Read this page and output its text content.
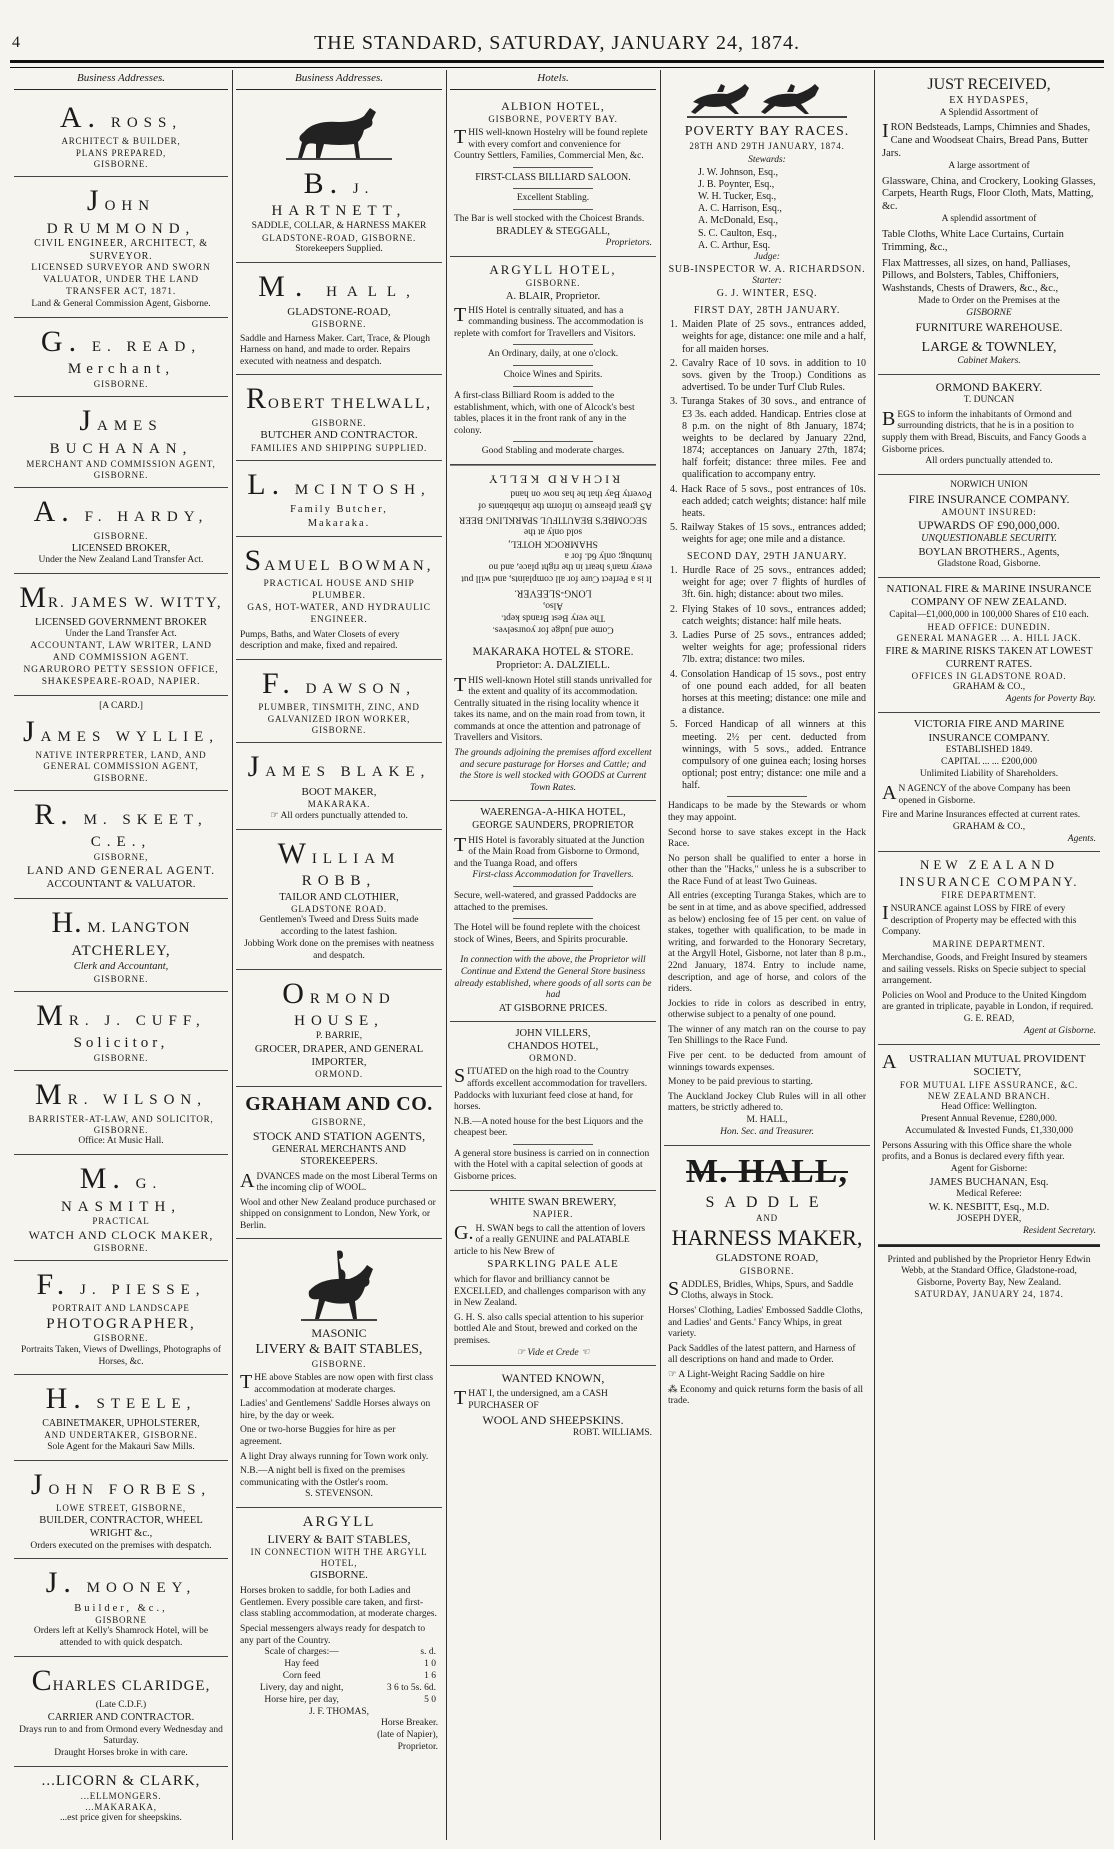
4	THE STANDARD, SATURDAY, JANUARY 24, 1874.
Business Addresses.
A. ROSS,
ARCHITECT & BUILDER,
PLANS PREPARED,
GISBORNE.
JOHN DRUMMOND,
CIVIL ENGINEER, ARCHITECT, &
SURVEYOR.
LICENSED SURVEYOR AND SWORN VALUATOR, UNDER THE LAND TRANSFER ACT, 1871.
Land & General Commission Agent, Gisborne.
G. E. READ,
Merchant,
GISBORNE.
JAMES BUCHANAN,
MERCHANT AND COMMISSION AGENT,
GISBORNE.
A. F. HARDY,
GISBORNE.
LICENSED BROKER,
Under the New Zealand Land Transfer Act.
MR. JAMES W. WITTY,
LICENSED GOVERNMENT BROKER
Under the Land Transfer Act.
ACCOUNTANT, LAW WRITER, LAND AND COMMISSION AGENT.
NGARURORO PETTY SESSION OFFICE,
SHAKESPEARE-ROAD, NAPIER.
[A CARD.]
JAMES WYLLIE,
NATIVE INTERPRETER, LAND, AND GENERAL COMMISSION AGENT,
GISBORNE.
R. M. SKEET, C.E.,
GISBORNE,
LAND AND GENERAL AGENT.
ACCOUNTANT & VALUATOR.
H. M. LANGTON ATCHERLEY,
Clerk and Accountant,
GISBORNE.
MR. J. CUFF,
Solicitor,
GISBORNE.
MR. WILSON,
BARRISTER-AT-LAW, AND SOLICITOR,
GISBORNE.
Office: At Music Hall.
M. G. NASMITH,
PRACTICAL
WATCH AND CLOCK MAKER,
GISBORNE.
F. J. PIESSE,
PORTRAIT AND LANDSCAPE
PHOTOGRAPHER,
GISBORNE.
Portraits Taken, Views of Dwellings, Photographs of Horses, &c.
H. STEELE,
CABINETMAKER, UPHOLSTERER,
AND UNDERTAKER, GISBORNE.
Sole Agent for the Makauri Saw Mills.
JOHN FORBES,
LOWE STREET, GISBORNE,
BUILDER, CONTRACTOR, WHEEL WRIGHT &c.,
Orders executed on the premises with despatch.
J. MOONEY,
Builder, &c.,
GISBORNE
Orders left at Kelly's Shamrock Hotel, will be attended to with quick despatch.
CHARLES CLARIDGE,
(Late C.D.F.)
CARRIER AND CONTRACTOR.
Drays run to and from Ormond every Wednesday and Saturday.
Draught Horses broke in with care.
...LICORN & CLARK,
...ELLMONGERS.
...MAKARAKA,
...est price given for sheepskins.
Business Addresses.
B. J. HARTNETT,
SADDLE, COLLAR, & HARNESS MAKER
GLADSTONE-ROAD, GISBORNE.
Storekeepers Supplied.
M. HALL,
GLADSTONE-ROAD,
GISBORNE.
Saddle and Harness Maker. Cart, Trace, & Plough Harness on hand, and made to order. Repairs executed with neatness and despatch.
ROBERT THELWALL,
GISBORNE.
BUTCHER AND CONTRACTOR.
FAMILIES AND SHIPPING SUPPLIED.
L. MCINTOSH,
Family Butcher,
Makaraka.
SAMUEL BOWMAN,
PRACTICAL HOUSE AND SHIP PLUMBER.
GAS, HOT-WATER, AND HYDRAULIC ENGINEER.
Pumps, Baths, and Water Closets of every description and make, fixed and repaired.
F. DAWSON,
PLUMBER, TINSMITH, ZINC, AND GALVANIZED IRON WORKER,
GISBORNE.
JAMES BLAKE,
BOOT MAKER,
MAKARAKA.
☞ All orders punctually attended to.
WILLIAM ROBB,
TAILOR AND CLOTHIER,
GLADSTONE ROAD.
Gentlemen's Tweed and Dress Suits made according to the latest fashion.
Jobbing Work done on the premises with neatness and despatch.
ORMOND HOUSE,
P. BARRIE,
GROCER, DRAPER, AND GENERAL IMPORTER,
ORMOND.
GRAHAM AND CO.
GISBORNE,
STOCK AND STATION AGENTS,
GENERAL MERCHANTS AND STOREKEEPERS.
ADVANCES made on the most Liberal Terms on the incoming clip of WOOL.
Wool and other New Zealand produce purchased or shipped on consignment to London, New York, or Berlin.
MASONIC
LIVERY & BAIT STABLES,
GISBORNE.
THE above Stables are now open with first class accommodation at moderate charges.
Ladies' and Gentlemens' Saddle Horses always on hire, by the day or week.
One or two-horse Buggies for hire as per agreement.
A light Dray always running for Town work only.
N.B.—A night bell is fixed on the premises communicating with the Ostler's room.
S. STEVENSON.
ARGYLL
LIVERY & BAIT STABLES,
IN CONNECTION WITH THE ARGYLL HOTEL,
GISBORNE.
Horses broken to saddle, for both Ladies and Gentlemen. Every possible care taken, and first-class stabling accommodation, at moderate charges.
Special messengers always ready for despatch to any part of the Country.
Scale of charges:—	s. d.
Hay feed	1 0
Corn feed	1 6
Livery, day and night,	3 6 to 5s. 6d.
Horse hire, per day,	5 0
J. F. THOMAS,
Horse Breaker.
(late of Napier),
Proprietor.
Hotels.
ALBION HOTEL,
GISBORNE, POVERTY BAY.
THIS well-known Hostelry will be found replete with every comfort and convenience for Country Settlers, Families, Commercial Men, &c.
FIRST-CLASS BILLIARD SALOON.
Excellent Stabling.
The Bar is well stocked with the Choicest Brands.
BRADLEY & STEGGALL,
Proprietors.
ARGYLL HOTEL,
GISBORNE.
A. BLAIR, Proprietor.
THIS Hotel is centrally situated, and has a commanding business. The accommodation is replete with comfort for Travellers and Visitors.
An Ordinary, daily, at one o'clock.
Choice Wines and Spirits.
A first-class Billiard Room is added to the establishment, which, with one of Alcock's best tables, places it in the front rank of any in the colony.
Good Stabling and moderate charges.
Come and judge for yourselves.
The very Best Brands kept.
Also,
LONG-SLEEVER.
It is a Perfect Cure for all complaints, and will put every man's heart in the right place, and no humbug; only 6d. for a
SHAMROCK HOTEL,
sold only at the
SECOMBE'S BEAUTIFUL SPARKLING BEER
AS great pleasure to inform the inhabitants of Poverty Bay that he has now on hand
RICHARD KELLY
MAKARAKA HOTEL & STORE.
Proprietor: A. DALZIELL.
THIS well-known Hotel still stands unrivalled for the extent and quality of its accommodation. Centrally situated in the rising locality whence it takes its name, and on the main road from town, it commands at once the attention and patronage of Travellers and Visitors.
The grounds adjoining the premises afford excellent and secure pasturage for Horses and Cattle; and the Store is well stocked with GOODS at Current Town Rates.
WAERENGA-A-HIKA HOTEL,
GEORGE SAUNDERS, PROPRIETOR
THIS Hotel is favorably situated at the Junction of the Main Road from Gisborne to Ormond, and the Tuanga Road, and offers
First-class Accommodation for Travellers.
Secure, well-watered, and grassed Paddocks are attached to the premises.
The Hotel will be found replete with the choicest stock of Wines, Beers, and Spirits procurable.
In connection with the above, the Proprietor will Continue and Extend the General Store business already established, where goods of all sorts can be had
AT GISBORNE PRICES.
JOHN VILLERS,
CHANDOS HOTEL,
ORMOND.
SITUATED on the high road to the Country affords excellent accommodation for travellers. Paddocks with luxuriant feed close at hand, for horses.
N.B.—A noted house for the best Liquors and the cheapest beer.
A general store business is carried on in connection with the Hotel with a capital selection of goods at Gisborne prices.
WHITE SWAN BREWERY,
NAPIER.
G.H. SWAN begs to call the attention of lovers of a really GENUINE and PALATABLE article to his New Brew of
SPARKLING PALE ALE
which for flavor and brilliancy cannot be EXCELLED, and challenges comparison with any in New Zealand.
G. H. S. also calls special attention to his superior bottled Ale and Stout, brewed and corked on the premises.
☞ Vide et Crede ☜
WANTED KNOWN,
THAT I, the undersigned, am a CASH PURCHASER OF
WOOL AND SHEEPSKINS.
ROBT. WILLIAMS.
POVERTY BAY RACES.
28TH AND 29TH JANUARY, 1874.
Stewards:
J. W. Johnson, Esq.,
J. B. Poynter, Esq.,
W. H. Tucker, Esq.,
A. C. Harrison, Esq.,
A. McDonald, Esq.,
S. C. Caulton, Esq.,
A. C. Arthur, Esq.
Judge:
SUB-INSPECTOR W. A. RICHARDSON.
Starter:
G. J. WINTER, ESQ.
FIRST DAY, 28TH JANUARY.
1. Maiden Plate of 25 sovs., entrances added, weights for age, distance: one mile and a half, for all maiden horses.
2. Cavalry Race of 10 sovs. in addition to 10 sovs. given by the Troop.) Conditions as advertised. To be under Turf Club Rules.
3. Turanga Stakes of 30 sovs., and entrance of £3 3s. each added. Handicap. Entries close at 8 p.m. on the night of 8th January, 1874; weights to be declared by January 22nd, 1874; acceptances on January 27th, 1874; half forfeit; distance: three miles. Fee and qualification to accompany entry.
4. Hack Race of 5 sovs., post entrances of 10s. each added; catch weights; distance: half mile heats.
5. Railway Stakes of 15 sovs., entrances added; weights for age; one mile and a distance.
SECOND DAY, 29TH JANUARY.
1. Hurdle Race of 25 sovs., entrances added; weight for age; over 7 flights of hurdles of 3ft. 6in. high; distance: about two miles.
2. Flying Stakes of 10 sovs., entrances added; catch weights; distance: half mile heats.
3. Ladies Purse of 25 sovs., entrances added; welter weights for age; professional riders 7lb. extra; distance: two miles.
4. Consolation Handicap of 15 sovs., post entry of one pound each added, for all beaten horses at this meeting; distance: one mile and a distance.
5. Forced Handicap of all winners at this meeting. 2½ per cent. deducted from winnings, with 5 sovs., added. Entrance compulsory of one guinea each; losing horses optional; post entry; distance: one mile and a half.
Handicaps to be made by the Stewards or whom they may appoint.
Second horse to save stakes except in the Hack Race.
No person shall be qualified to enter a horse in other than the "Hacks," unless he is a subscriber to the Race Fund of at least Two Guineas.
All entries (excepting Turanga Stakes, which are to be sent in at time, and as above specified, addressed as below) enclosing fee of 15 per cent. on value of stakes, together with qualification, to be made in writing, and forwarded to the Honorary Secretary, at the Argyll Hotel, Gisborne, not later than 8 p.m., 22nd January, 1874. Entry to include name, description, and age of horse, and colors of the riders.
Jockies to ride in colors as described in entry, otherwise subject to a penalty of one pound.
The winner of any match ran on the course to pay Ten Shillings to the Race Fund.
Five per cent. to be deducted from amount of winnings towards expenses.
Money to be paid previous to starting.
The Auckland Jockey Club Rules will in all other matters, be strictly adhered to.
M. HALL,
Hon. Sec. and Treasurer.
M. HALL,
SADDLE
AND
HARNESS MAKER,
GLADSTONE ROAD,
GISBORNE.
SADDLES, Bridles, Whips, Spurs, and Saddle Cloths, always in Stock.
Horses' Clothing, Ladies' Embossed Saddle Cloths, and Ladies' and Gents.' Fancy Whips, in great variety.
Pack Saddles of the latest pattern, and Harness of all descriptions on hand and made to Order.
☞ A Light-Weight Racing Saddle on hire
⁂ Economy and quick returns form the basis of all trade.
JUST RECEIVED,
EX HYDASPES,
A Splendid Assortment of
IRON Bedsteads, Lamps, Chimnies and Shades, Cane and Woodseat Chairs, Bread Pans, Butter Jars.
A large assortment of
Glassware, China, and Crockery, Looking Glasses, Carpets, Hearth Rugs, Floor Cloth, Mats, Matting, &c.
A splendid assortment of
Table Cloths, White Lace Curtains, Curtain Trimming, &c.,
Flax Mattresses, all sizes, on hand, Palliases, Pillows, and Bolsters, Tables, Chiffoniers, Washstands, Chests of Drawers, &c., &c.,
Made to Order on the Premises at the
GISBORNE
FURNITURE WAREHOUSE.
LARGE & TOWNLEY,
Cabinet Makers.
ORMOND BAKERY.
T. DUNCAN
BEGS to inform the inhabitants of Ormond and surrounding districts, that he is in a position to supply them with Bread, Biscuits, and Fancy Goods a Gisborne prices.
All orders punctually attended to.
NORWICH UNION
FIRE INSURANCE COMPANY.
AMOUNT INSURED:
UPWARDS OF £90,000,000.
UNQUESTIONABLE SECURITY.
BOYLAN BROTHERS., Agents,
Gladstone Road, Gisborne.
NATIONAL FIRE & MARINE INSURANCE COMPANY OF NEW ZEALAND.
Capital—£1,000,000 in 100,000 Shares of £10 each.
HEAD OFFICE: DUNEDIN.
GENERAL MANAGER ... A. HILL JACK.
FIRE & MARINE RISKS TAKEN AT LOWEST CURRENT RATES.
OFFICES IN GLADSTONE ROAD.
GRAHAM & CO.,
Agents for Poverty Bay.
VICTORIA FIRE AND MARINE INSURANCE COMPANY.
ESTABLISHED 1849.
CAPITAL ... ... £200,000
Unlimited Liability of Shareholders.
AN AGENCY of the above Company has been opened in Gisborne.
Fire and Marine Insurances effected at current rates.
GRAHAM & CO.,
Agents.
NEW ZEALAND
INSURANCE COMPANY.
FIRE DEPARTMENT.
INSURANCE against LOSS by FIRE of every description of Property may be effected with this Company.
MARINE DEPARTMENT.
Merchandise, Goods, and Freight Insured by steamers and sailing vessels. Risks on Specie subject to special arrangement.
Policies on Wool and Produce to the United Kingdom are granted in triplicate, payable in London, if required.
G. E. READ,
Agent at Gisborne.
AUSTRALIAN MUTUAL PROVIDENT SOCIETY,
FOR MUTUAL LIFE ASSURANCE, &C.
NEW ZEALAND BRANCH.
Head Office: Wellington.
Present Annual Revenue, £280,000.
Accumulated & Invested Funds, £1,330,000
Persons Assuring with this Office share the whole profits, and a Bonus is declared every fifth year.
Agent for Gisborne:
JAMES BUCHANAN, Esq.
Medical Referee:
W. K. NESBITT, Esq., M.D.
JOSEPH DYER,
Resident Secretary.
Printed and published by the Proprietor Henry Edwin Webb, at the Standard Office, Gladstone-road, Gisborne, Poverty Bay, New Zealand.
SATURDAY, JANUARY 24, 1874.
